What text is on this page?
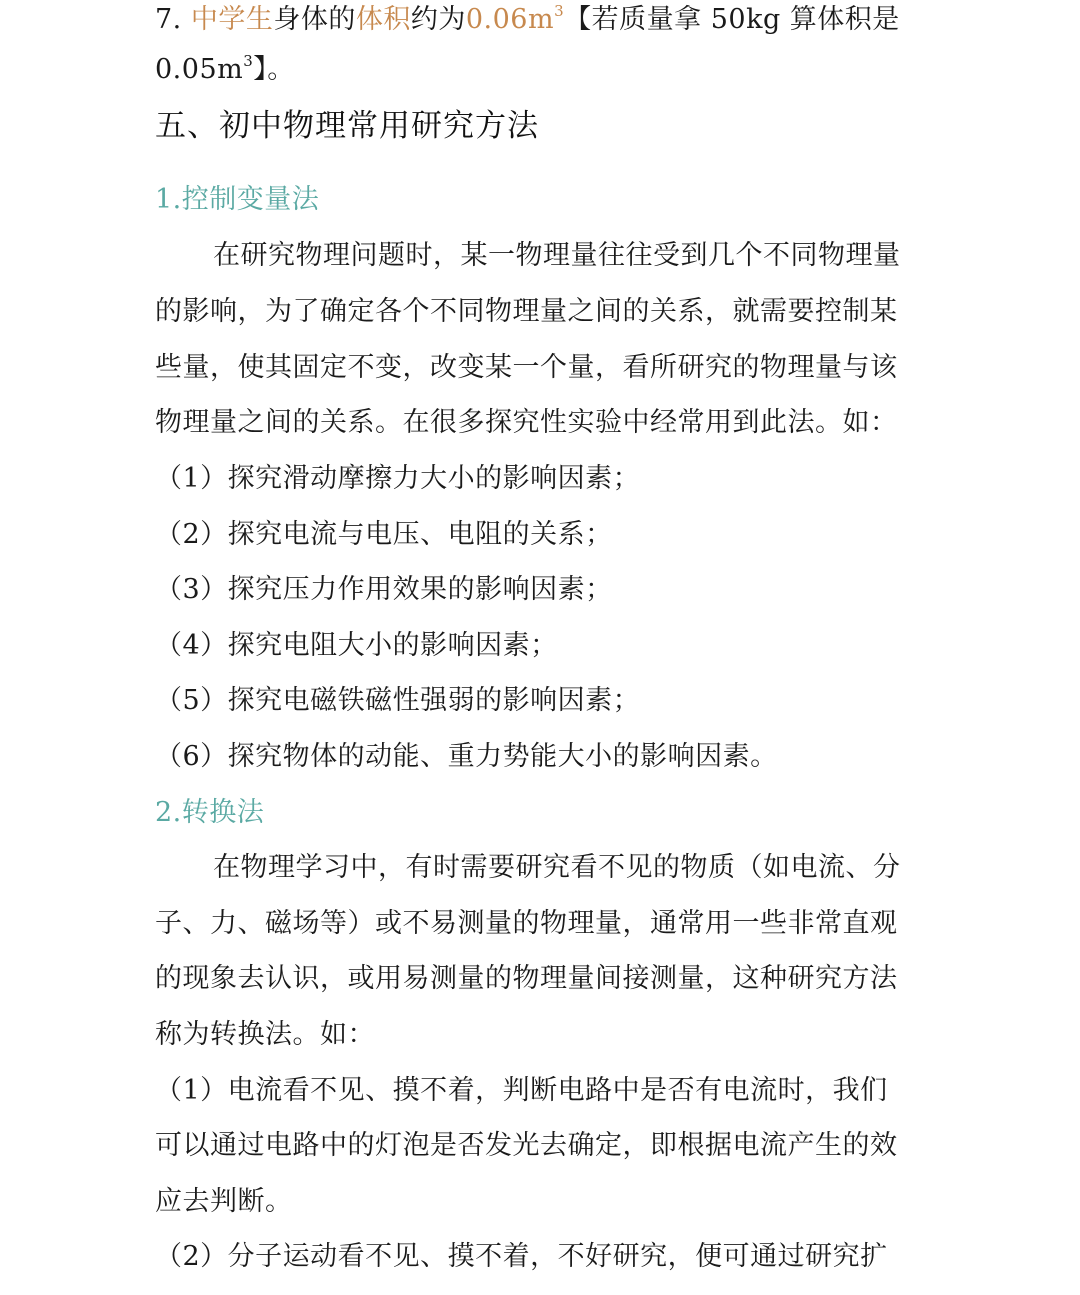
7. 中学生身体的体积约为$0.06m^3$【若质量拿 50kg 算体积是
$0.05m^3$】。
五、初中物理常用研究方法
1.控制变量法
在研究物理问题时，某一物理量往往受到几个不同物理量
的影响，为了确定各个不同物理量之间的关系，就需要控制某
些量，使其固定不变，改变某一个量，看所研究的物理量与该
物理量之间的关系。在很多探究性实验中经常用到此法。如：
（1）探究滑动摩擦力大小的影响因素；
（2）探究电流与电压、电阻的关系；
（3）探究压力作用效果的影响因素；
（4）探究电阻大小的影响因素；
（5）探究电磁铁磁性强弱的影响因素；
（6）探究物体的动能、重力势能大小的影响因素。
2.转换法
在物理学习中，有时需要研究看不见的物质（如电流、分
子、力、磁场等）或不易测量的物理量，通常用一些非常直观
的现象去认识，或用易测量的物理量间接测量，这种研究方法
称为转换法。如：
（1）电流看不见、摸不着，判断电路中是否有电流时，我们
可以通过电路中的灯泡是否发光去确定，即根据电流产生的效
应去判断。
（2）分子运动看不见、摸不着，不好研究，便可通过研究扩
